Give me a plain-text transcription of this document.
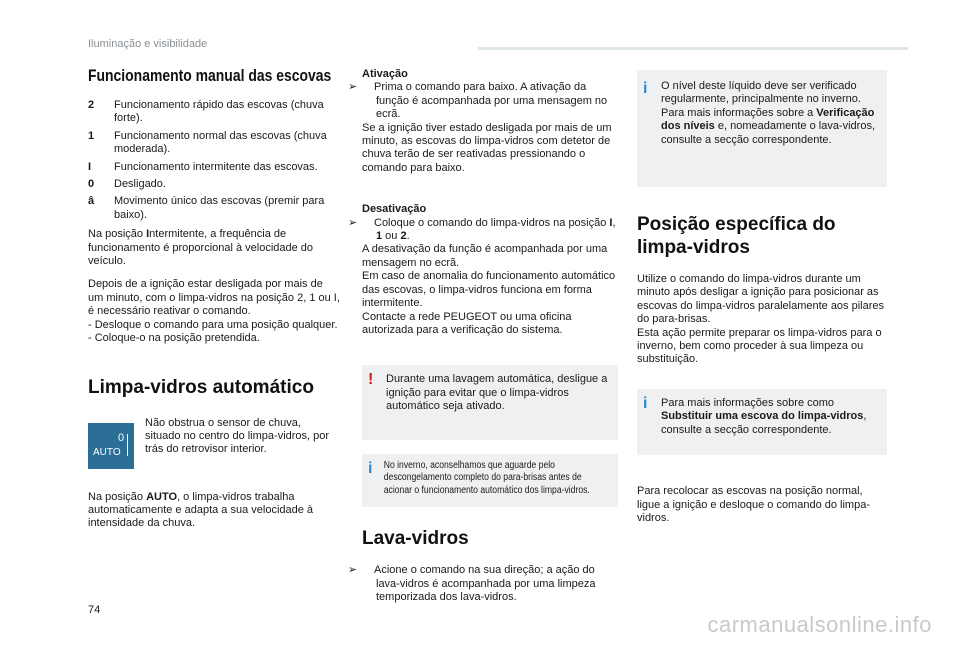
Iluminação e visibilidade
Funcionamento manual das escovas
2	Funcionamento rápido das escovas (chuva forte).
1	Funcionamento normal das escovas (chuva moderada).
I	Funcionamento intermitente das escovas.
0	Desligado.
â	Movimento único das escovas (premir para baixo).

Na posição Intermitente, a frequência de funcionamento é proporcional à velocidade do veículo.

Depois de a ignição estar desligada por mais de um minuto, com o limpa-vidros na posição 2, 1 ou I, é necessário reativar o comando.

- Desloque o comando para uma posição qualquer.

- Coloque-o na posição pretendida.

Limpa-vidros automático
0
AUTO

Não obstrua o sensor de chuva, situado no centro do limpa-vidros, por trás do retrovisor interior.

Na posição AUTO, o limpa-vidros trabalha automaticamente e adapta a sua velocidade à intensidade da chuva.

Ativação

➢ Prima o comando para baixo. A ativação da função é acompanhada por uma mensagem no ecrã.

Se a ignição tiver estado desligada por mais de um minuto, as escovas do limpa-vidros com detetor de chuva terão de ser reativadas pressionando o comando para baixo.

Desativação

➢ Coloque o comando do limpa-vidros na posição I, 1 ou 2.

A desativação da função é acompanhada por uma mensagem no ecrã.

Em caso de anomalia do funcionamento automático das escovas, o limpa-vidros funciona em forma intermitente.

Contacte a rede PEUGEOT ou uma oficina autorizada para a verificação do sistema.

!	Durante uma lavagem automática, desligue a ignição para evitar que o limpa-vidros automático seja ativado.

i	No inverno, aconselhamos que aguarde pelo descongelamento completo do para-brisas antes de acionar o funcionamento automático dos limpa-vidros.

Lava-vidros

➢ Acione o comando na sua direção; a ação do lava-vidros é acompanhada por uma limpeza temporizada dos lava-vidros.

i	O nível deste líquido deve ser verificado regularmente, principalmente no inverno. Para mais informações sobre a Verificação dos níveis e, nomeadamente o lava-vidros, consulte a secção correspondente.

Posição específica do limpa-vidros

Utilize o comando do limpa-vidros durante um minuto após desligar a ignição para posicionar as escovas do limpa-vidros paralelamente aos pilares do para-brisas.

Esta ação permite preparar os limpa-vidros para o inverno, bem como proceder à sua limpeza ou substituição.

i	Para mais informações sobre como Substituir uma escova do limpa-vidros, consulte a secção correspondente.

Para recolocar as escovas na posição normal, ligue a ignição e desloque o comando do limpa-vidros.

74
carmanualsonline.info
